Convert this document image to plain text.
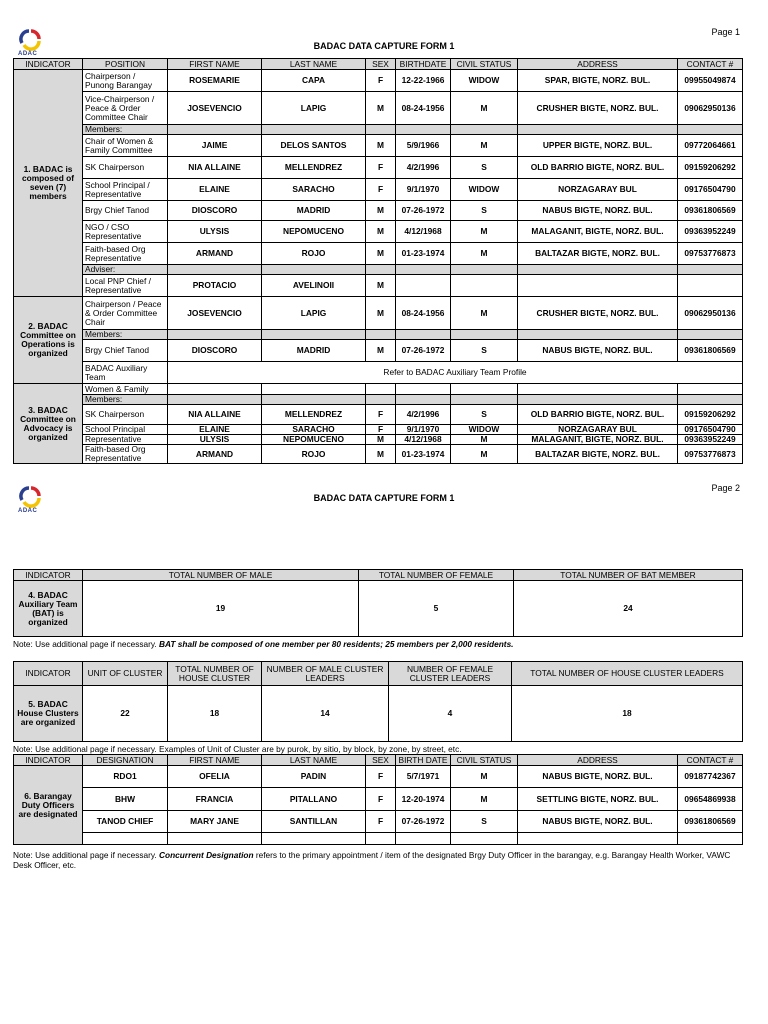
Page 1
ADAC
BADAC DATA CAPTURE FORM 1
INDICATOR	POSITION	FIRST NAME	LAST NAME	SEX	BIRTHDATE	CIVIL STATUS	ADDRESS	CONTACT #
1. BADAC is composed of seven (7) members	Chairperson / Punong Barangay	ROSEMARIE	CAPA	F	12-22-1966	WIDOW	SPAR, BIGTE, NORZ. BUL.	09955049874
	Vice-Chairperson / Peace & Order Committee Chair	JOSEVENCIO	LAPIG	M	08-24-1956	M	CRUSHER BIGTE, NORZ. BUL.	09062950136
	Members:							
	Chair of Women & Family Committee	JAIME	DELOS SANTOS	M	5/9/1966	M	UPPER BIGTE, NORZ. BUL.	09772064661
	SK Chairperson	NIA ALLAINE	MELLENDREZ	F	4/2/1996	S	OLD BARRIO BIGTE, NORZ. BUL.	09159206292
	School Principal / Representative	ELAINE	SARACHO	F	9/1/1970	WIDOW	NORZAGARAY BUL	09176504790
	Brgy Chief Tanod	DIOSCORO	MADRID	M	07-26-1972	S	NABUS BIGTE, NORZ. BUL.	09361806569
	NGO / CSO Representative	ULYSIS	NEPOMUCENO	M	4/12/1968	M	MALAGANIT, BIGTE, NORZ. BUL.	09363952249
	Faith-based Org Representative	ARMAND	ROJO	M	01-23-1974	M	BALTAZAR BIGTE, NORZ. BUL.	09753776873
	Adviser:							
	Local PNP Chief / Representative	PROTACIO	AVELINOII	M				
2. BADAC Committee on Operations is organized	Chairperson / Peace & Order Committee Chair	JOSEVENCIO	LAPIG	M	08-24-1956	M	CRUSHER BIGTE, NORZ. BUL.	09062950136
	Members:							
	Brgy Chief Tanod	DIOSCORO	MADRID	M	07-26-1972	S	NABUS BIGTE, NORZ. BUL.	09361806569
	BADAC Auxiliary Team	Refer to BADAC Auxiliary Team Profile						
3. BADAC Committee on Advocacy is organized	Women & Family							
	Members:							
	SK Chairperson	NIA ALLAINE	MELLENDREZ	F	4/2/1996	S	OLD BARRIO BIGTE, NORZ. BUL.	09159206292
	School Principal	ELAINE	SARACHO	F	9/1/1970	WIDOW	NORZAGARAY BUL	09176504790
	Representative	ULYSIS	NEPOMUCENO	M	4/12/1968	M	MALAGANIT, BIGTE, NORZ. BUL.	09363952249
	Faith-based Org Representative	ARMAND	ROJO	M	01-23-1974	M	BALTAZAR BIGTE, NORZ. BUL.	09753776873
Page 2
ADAC
BADAC DATA CAPTURE FORM 1
INDICATOR	TOTAL NUMBER OF MALE	TOTAL NUMBER OF FEMALE	TOTAL NUMBER OF BAT MEMBER
4. BADAC Auxiliary Team (BAT) is organized	19	5	24
Note: Use additional page if necessary. BAT shall be composed of one member per 80 residents; 25 members per 2,000 residents.
INDICATOR	UNIT OF CLUSTER	TOTAL NUMBER OF HOUSE CLUSTER	NUMBER OF MALE CLUSTER LEADERS	NUMBER OF FEMALE CLUSTER LEADERS	TOTAL NUMBER OF HOUSE CLUSTER LEADERS
5. BADAC House Clusters are organized	22	18	14	4	18
Note: Use additional page if necessary. Examples of Unit of Cluster are by purok, by sitio, by block, by zone, by street, etc.
INDICATOR	DESIGNATION	FIRST NAME	LAST NAME	SEX	BIRTH DATE	CIVIL STATUS	ADDRESS	CONTACT #
6. Barangay Duty Officers are designated	RDO1	OFELIA	PADIN	F	5/7/1971	M	NABUS BIGTE, NORZ. BUL.	09187742367
	BHW	FRANCIA	PITALLANO	F	12-20-1974	M	SETTLING BIGTE, NORZ. BUL.	09654869938
	TANOD CHIEF	MARY JANE	SANTILLAN	F	07-26-1972	S	NABUS BIGTE, NORZ. BUL.	09361806569

Note: Use additional page if necessary. Concurrent Designation refers to the primary appointment / item of the designated Brgy Duty Officer in the barangay, e.g. Barangay Health Worker, VAWC Desk Officer, etc.
